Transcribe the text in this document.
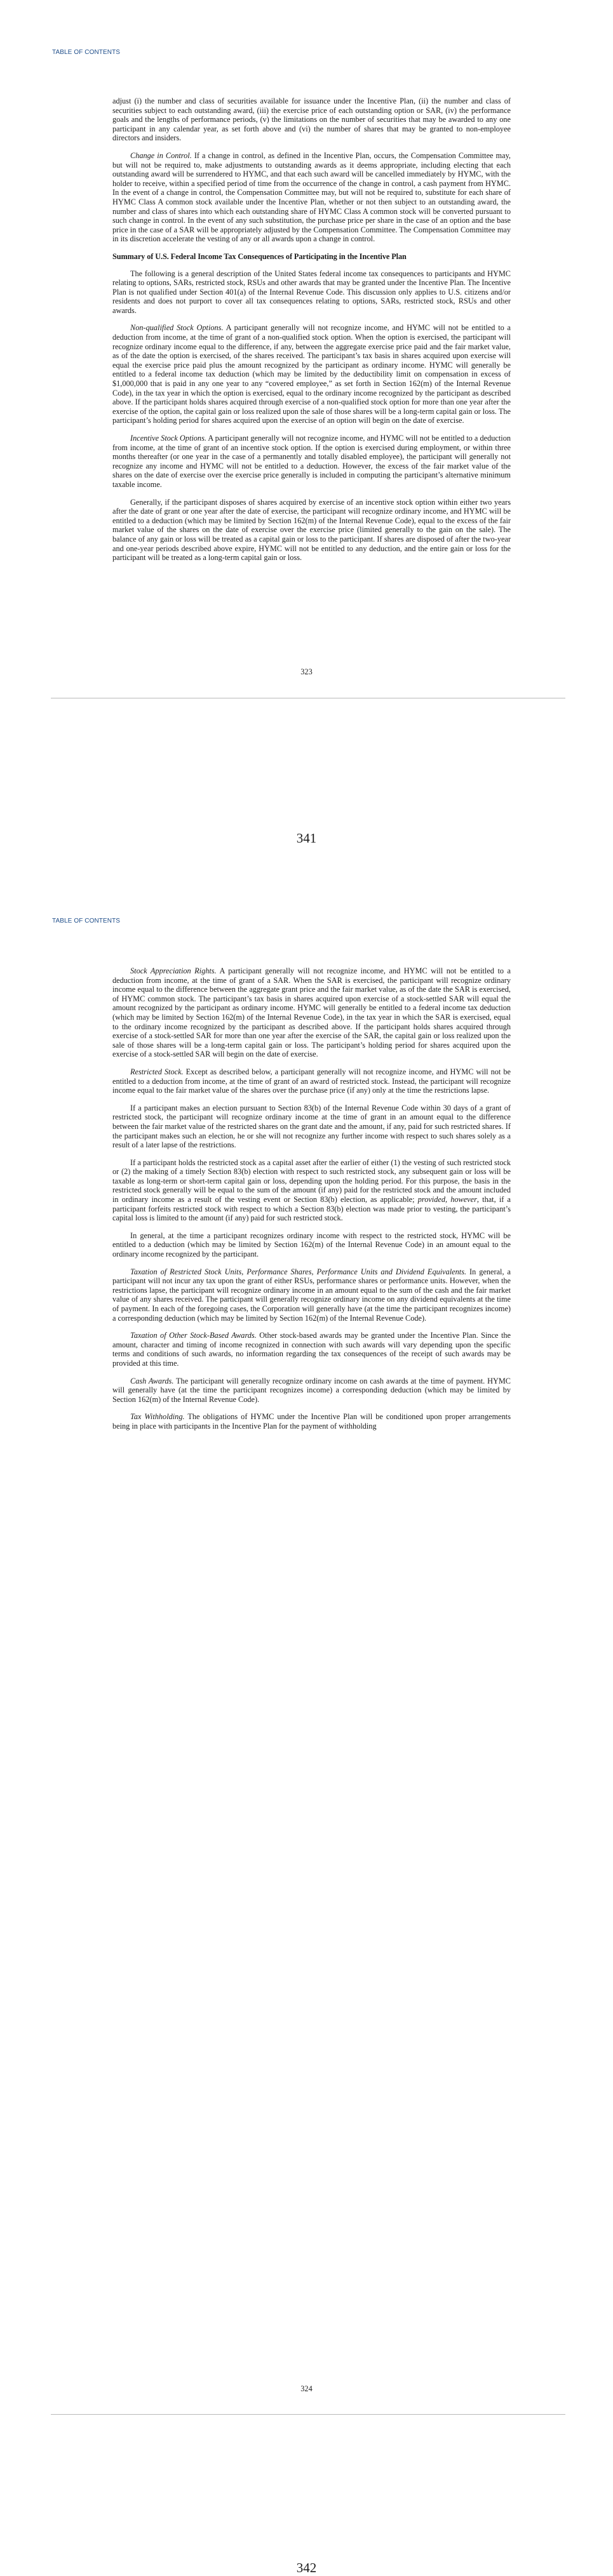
TABLE OF CONTENTS

adjust (i) the number and class of securities available for issuance under the Incentive Plan, (ii) the number and class of securities subject to each outstanding award, (iii) the exercise price of each outstanding option or SAR, (iv) the performance goals and the lengths of performance periods, (v) the limitations on the number of securities that may be awarded to any one participant in any calendar year, as set forth above and (vi) the number of shares that may be granted to non-employee directors and insiders.

Change in Control. If a change in control, as defined in the Incentive Plan, occurs, the Compensation Committee may, but will not be required to, make adjustments to outstanding awards as it deems appropriate, including electing that each outstanding award will be surrendered to HYMC, and that each such award will be cancelled immediately by HYMC, with the holder to receive, within a specified period of time from the occurrence of the change in control, a cash payment from HYMC. In the event of a change in control, the Compensation Committee may, but will not be required to, substitute for each share of HYMC Class A common stock available under the Incentive Plan, whether or not then subject to an outstanding award, the number and class of shares into which each outstanding share of HYMC Class A common stock will be converted pursuant to such change in control. In the event of any such substitution, the purchase price per share in the case of an option and the base price in the case of a SAR will be appropriately adjusted by the Compensation Committee. The Compensation Committee may in its discretion accelerate the vesting of any or all awards upon a change in control.

Summary of U.S. Federal Income Tax Consequences of Participating in the Incentive Plan

The following is a general description of the United States federal income tax consequences to participants and HYMC relating to options, SARs, restricted stock, RSUs and other awards that may be granted under the Incentive Plan. The Incentive Plan is not qualified under Section 401(a) of the Internal Revenue Code. This discussion only applies to U.S. citizens and/or residents and does not purport to cover all tax consequences relating to options, SARs, restricted stock, RSUs and other awards.

Non-qualified Stock Options. A participant generally will not recognize income, and HYMC will not be entitled to a deduction from income, at the time of grant of a non-qualified stock option. When the option is exercised, the participant will recognize ordinary income equal to the difference, if any, between the aggregate exercise price paid and the fair market value, as of the date the option is exercised, of the shares received. The participant’s tax basis in shares acquired upon exercise will equal the exercise price paid plus the amount recognized by the participant as ordinary income. HYMC will generally be entitled to a federal income tax deduction (which may be limited by the deductibility limit on compensation in excess of $1,000,000 that is paid in any one year to any “covered employee,” as set forth in Section 162(m) of the Internal Revenue Code), in the tax year in which the option is exercised, equal to the ordinary income recognized by the participant as described above. If the participant holds shares acquired through exercise of a non-qualified stock option for more than one year after the exercise of the option, the capital gain or loss realized upon the sale of those shares will be a long-term capital gain or loss. The participant’s holding period for shares acquired upon the exercise of an option will begin on the date of exercise.

Incentive Stock Options. A participant generally will not recognize income, and HYMC will not be entitled to a deduction from income, at the time of grant of an incentive stock option. If the option is exercised during employment, or within three months thereafter (or one year in the case of a permanently and totally disabled employee), the participant will generally not recognize any income and HYMC will not be entitled to a deduction. However, the excess of the fair market value of the shares on the date of exercise over the exercise price generally is included in computing the participant’s alternative minimum taxable income.

Generally, if the participant disposes of shares acquired by exercise of an incentive stock option within either two years after the date of grant or one year after the date of exercise, the participant will recognize ordinary income, and HYMC will be entitled to a deduction (which may be limited by Section 162(m) of the Internal Revenue Code), equal to the excess of the fair market value of the shares on the date of exercise over the exercise price (limited generally to the gain on the sale). The balance of any gain or loss will be treated as a capital gain or loss to the participant. If shares are disposed of after the two-year and one-year periods described above expire, HYMC will not be entitled to any deduction, and the entire gain or loss for the participant will be treated as a long-term capital gain or loss.

323
341
TABLE OF CONTENTS

Stock Appreciation Rights. A participant generally will not recognize income, and HYMC will not be entitled to a deduction from income, at the time of grant of a SAR. When the SAR is exercised, the participant will recognize ordinary income equal to the difference between the aggregate grant price and the fair market value, as of the date the SAR is exercised, of HYMC common stock. The participant’s tax basis in shares acquired upon exercise of a stock-settled SAR will equal the amount recognized by the participant as ordinary income. HYMC will generally be entitled to a federal income tax deduction (which may be limited by Section 162(m) of the Internal Revenue Code), in the tax year in which the SAR is exercised, equal to the ordinary income recognized by the participant as described above. If the participant holds shares acquired through exercise of a stock-settled SAR for more than one year after the exercise of the SAR, the capital gain or loss realized upon the sale of those shares will be a long-term capital gain or loss. The participant’s holding period for shares acquired upon the exercise of a stock-settled SAR will begin on the date of exercise.

Restricted Stock. Except as described below, a participant generally will not recognize income, and HYMC will not be entitled to a deduction from income, at the time of grant of an award of restricted stock. Instead, the participant will recognize income equal to the fair market value of the shares over the purchase price (if any) only at the time the restrictions lapse.

If a participant makes an election pursuant to Section 83(b) of the Internal Revenue Code within 30 days of a grant of restricted stock, the participant will recognize ordinary income at the time of grant in an amount equal to the difference between the fair market value of the restricted shares on the grant date and the amount, if any, paid for such restricted shares. If the participant makes such an election, he or she will not recognize any further income with respect to such shares solely as a result of a later lapse of the restrictions.

If a participant holds the restricted stock as a capital asset after the earlier of either (1) the vesting of such restricted stock or (2) the making of a timely Section 83(b) election with respect to such restricted stock, any subsequent gain or loss will be taxable as long-term or short-term capital gain or loss, depending upon the holding period. For this purpose, the basis in the restricted stock generally will be equal to the sum of the amount (if any) paid for the restricted stock and the amount included in ordinary income as a result of the vesting event or Section 83(b) election, as applicable; provided, however, that, if a participant forfeits restricted stock with respect to which a Section 83(b) election was made prior to vesting, the participant’s capital loss is limited to the amount (if any) paid for such restricted stock.

In general, at the time a participant recognizes ordinary income with respect to the restricted stock, HYMC will be entitled to a deduction (which may be limited by Section 162(m) of the Internal Revenue Code) in an amount equal to the ordinary income recognized by the participant.

Taxation of Restricted Stock Units, Performance Shares, Performance Units and Dividend Equivalents. In general, a participant will not incur any tax upon the grant of either RSUs, performance shares or performance units. However, when the restrictions lapse, the participant will recognize ordinary income in an amount equal to the sum of the cash and the fair market value of any shares received. The participant will generally recognize ordinary income on any dividend equivalents at the time of payment. In each of the foregoing cases, the Corporation will generally have (at the time the participant recognizes income) a corresponding deduction (which may be limited by Section 162(m) of the Internal Revenue Code).

Taxation of Other Stock-Based Awards. Other stock-based awards may be granted under the Incentive Plan. Since the amount, character and timing of income recognized in connection with such awards will vary depending upon the specific terms and conditions of such awards, no information regarding the tax consequences of the receipt of such awards may be provided at this time.

Cash Awards. The participant will generally recognize ordinary income on cash awards at the time of payment. HYMC will generally have (at the time the participant recognizes income) a corresponding deduction (which may be limited by Section 162(m) of the Internal Revenue Code).

Tax Withholding. The obligations of HYMC under the Incentive Plan will be conditioned upon proper arrangements being in place with participants in the Incentive Plan for the payment of withholding

324
342
